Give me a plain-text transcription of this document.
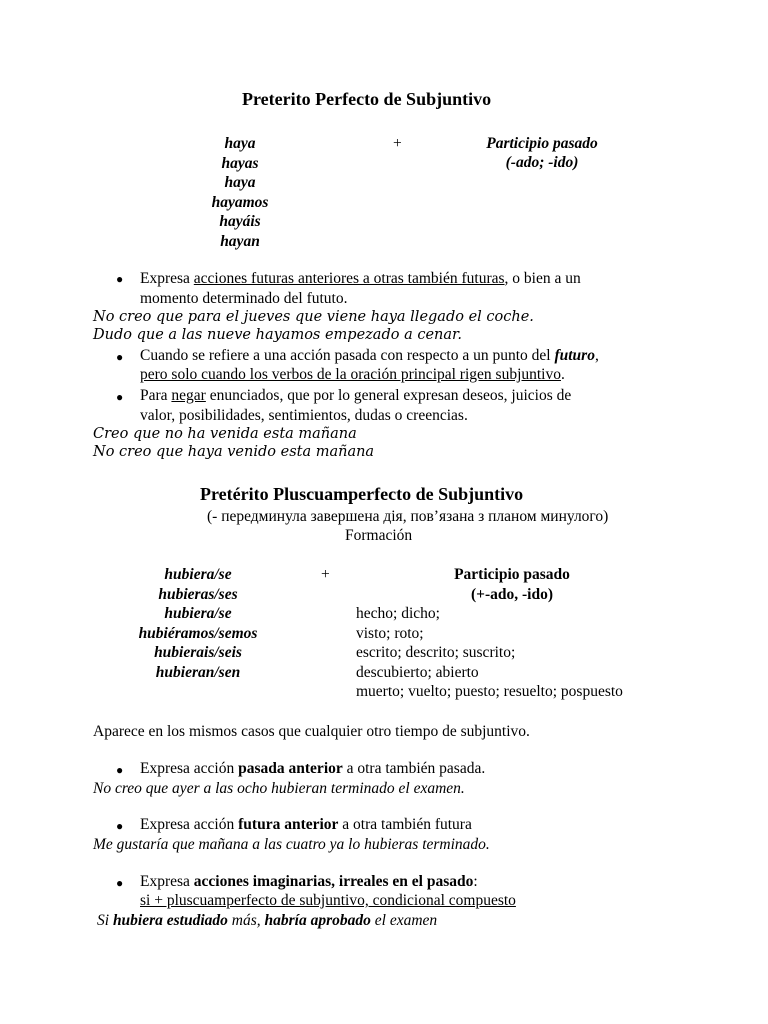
Preterito Perfecto de Subjuntivo
haya
hayas
haya
hayamos
hayáis
hayan
+	Participio pasado
(-ado; -ido)
● Expresa acciones futuras anteriores a otras también futuras, o bien a un
momento determinado del fututo.
No creo que para el jueves que viene haya llegado el coche.
Dudo que a las nueve hayamos empezado a cenar.
● Cuando se refiere a una acción pasada con respecto a un punto del futuro,
pero solo cuando los verbos de la oración principal rigen subjuntivo.
● Para negar enunciados, que por lo general expresan deseos, juicios de
valor, posibilidades, sentimientos, dudas o creencias.
Creo que no ha venida esta mañana
No creo que haya venido esta mañana
Pretérito Pluscuamperfecto de Subjuntivo
(- передминула завершена дія, пов’язана з планом минулого)
Formación
hubiera/se
hubieras/ses
hubiera/se
hubiéramos/semos
hubierais/seis
hubieran/sen
+	Participio pasado
(+-ado, -ido)
hecho; dicho;
visto; roto;
escrito; descrito; suscrito;
descubierto; abierto
muerto; vuelto; puesto; resuelto; pospuesto
Aparece en los mismos casos que cualquier otro tiempo de subjuntivo.
● Expresa acción pasada anterior a otra también pasada.
No creo que ayer a las ocho hubieran terminado el examen.
● Expresa acción futura anterior a otra también futura
Me gustaría que mañana a las cuatro ya lo hubieras terminado.
● Expresa acciones imaginarias, irreales en el pasado:
si + pluscuamperfecto de subjuntivo, condicional compuesto
Si hubiera estudiado más, habría aprobado el examen
